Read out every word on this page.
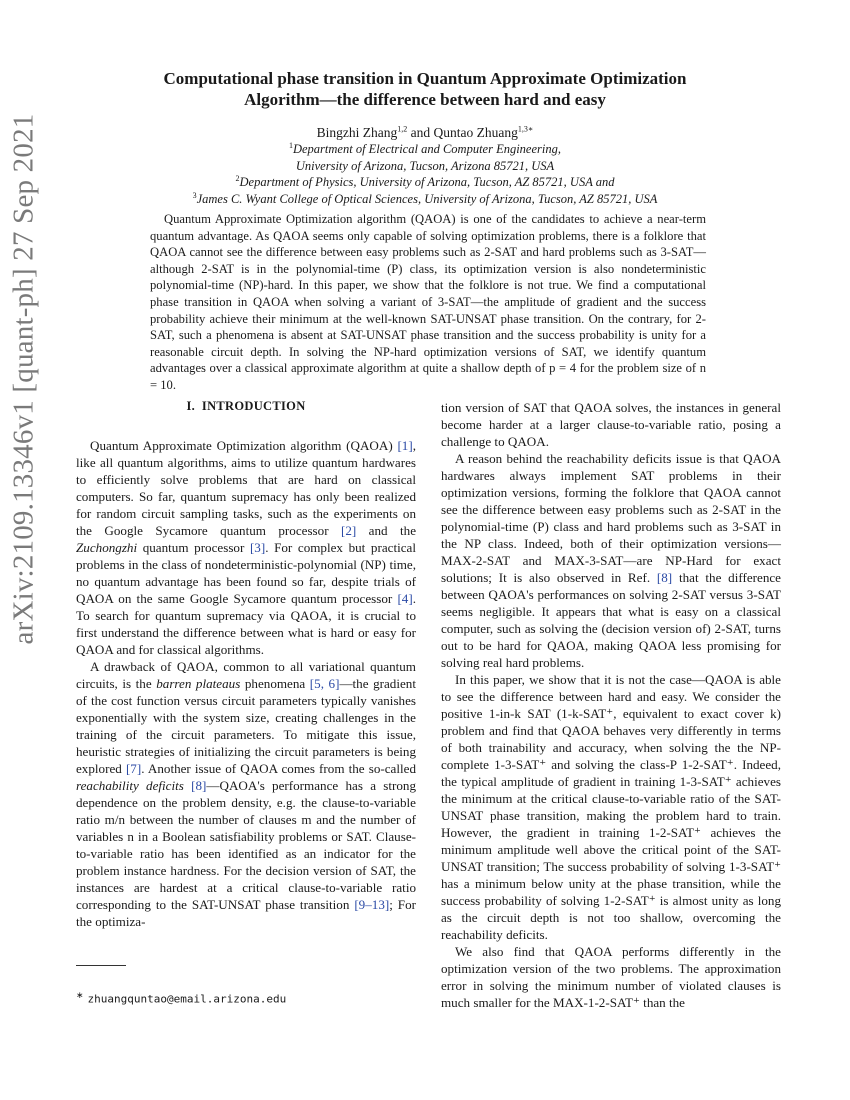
arXiv:2109.13346v1 [quant-ph] 27 Sep 2021
Computational phase transition in Quantum Approximate Optimization
Algorithm—the difference between hard and easy
Bingzhi Zhang$^{1,2}$ and Quntao Zhuang$^{1,3∗}$
$^1$Department of Electrical and Computer Engineering,
University of Arizona, Tucson, Arizona 85721, USA
$^2$Department of Physics, University of Arizona, Tucson, AZ 85721, USA and
$^3$James C. Wyant College of Optical Sciences, University of Arizona, Tucson, AZ 85721, USA
Quantum Approximate Optimization algorithm (QAOA) is one of the candidates to achieve a near-term quantum advantage. As QAOA seems only capable of solving optimization problems, there is a folklore that QAOA cannot see the difference between easy problems such as 2-SAT and hard problems such as 3-SAT—although 2-SAT is in the polynomial-time (P) class, its optimization version is also nondeterministic polynomial-time (NP)-hard. In this paper, we show that the folklore is not true. We find a computational phase transition in QAOA when solving a variant of 3-SAT—the amplitude of gradient and the success probability achieve their minimum at the well-known SAT-UNSAT phase transition. On the contrary, for 2-SAT, such a phenomena is absent at SAT-UNSAT phase transition and the success probability is unity for a reasonable circuit depth. In solving the NP-hard optimization versions of SAT, we identify quantum advantages over a classical approximate algorithm at quite a shallow depth of p = 4 for the problem size of n = 10.
I. INTRODUCTION

Quantum Approximate Optimization algorithm (QAOA) [1], like all quantum algorithms, aims to utilize quantum hardwares to efficiently solve problems that are hard on classical computers. So far, quantum supremacy has only been realized for random circuit sampling tasks, such as the experiments on the Google Sycamore quantum processor [2] and the Zuchongzhi quantum processor [3]. For complex but practical problems in the class of nondeterministic-polynomial (NP) time, no quantum advantage has been found so far, despite trials of QAOA on the same Google Sycamore quantum processor [4]. To search for quantum supremacy via QAOA, it is crucial to first understand the difference between what is hard or easy for QAOA and for classical algorithms.

A drawback of QAOA, common to all variational quantum circuits, is the barren plateaus phenomena [5, 6]—the gradient of the cost function versus circuit parameters typically vanishes exponentially with the system size, creating challenges in the training of the circuit parameters. To mitigate this issue, heuristic strategies of initializing the circuit parameters is being explored [7]. Another issue of QAOA comes from the so-called reachability deficits [8]—QAOA's performance has a strong dependence on the problem density, e.g. the clause-to-variable ratio m/n between the number of clauses m and the number of variables n in a Boolean satisfiability problems or SAT. Clause-to-variable ratio has been identified as an indicator for the problem instance hardness. For the decision version of SAT, the instances are hardest at a critical clause-to-variable ratio corresponding to the SAT-UNSAT phase transition [9–13]; For the optimiza-

tion version of SAT that QAOA solves, the instances in general become harder at a larger clause-to-variable ratio, posing a challenge to QAOA.

A reason behind the reachability deficits issue is that QAOA hardwares always implement SAT problems in their optimization versions, forming the folklore that QAOA cannot see the difference between easy problems such as 2-SAT in the polynomial-time (P) class and hard problems such as 3-SAT in the NP class. Indeed, both of their optimization versions—MAX-2-SAT and MAX-3-SAT—are NP-Hard for exact solutions; It is also observed in Ref. [8] that the difference between QAOA's performances on solving 2-SAT versus 3-SAT seems negligible. It appears that what is easy on a classical computer, such as solving the (decision version of) 2-SAT, turns out to be hard for QAOA, making QAOA less promising for solving real hard problems.

In this paper, we show that it is not the case—QAOA is able to see the difference between hard and easy. We consider the positive 1-in-k SAT (1-k-SAT⁺, equivalent to exact cover k) problem and find that QAOA behaves very differently in terms of both trainability and accuracy, when solving the the NP-complete 1-3-SAT⁺ and solving the class-P 1-2-SAT⁺. Indeed, the typical amplitude of gradient in training 1-3-SAT⁺ achieves the minimum at the critical clause-to-variable ratio of the SAT-UNSAT phase transition, making the problem hard to train. However, the gradient in training 1-2-SAT⁺ achieves the minimum amplitude well above the critical point of the SAT-UNSAT transition; The success probability of solving 1-3-SAT⁺ has a minimum below unity at the phase transition, while the success probability of solving 1-2-SAT⁺ is almost unity as long as the circuit depth is not too shallow, overcoming the reachability deficits.

We also find that QAOA performs differently in the optimization version of the two problems. The approximation error in solving the minimum number of violated clauses is much smaller for the MAX-1-2-SAT⁺ than the

∗ zhuangquntao@email.arizona.edu
